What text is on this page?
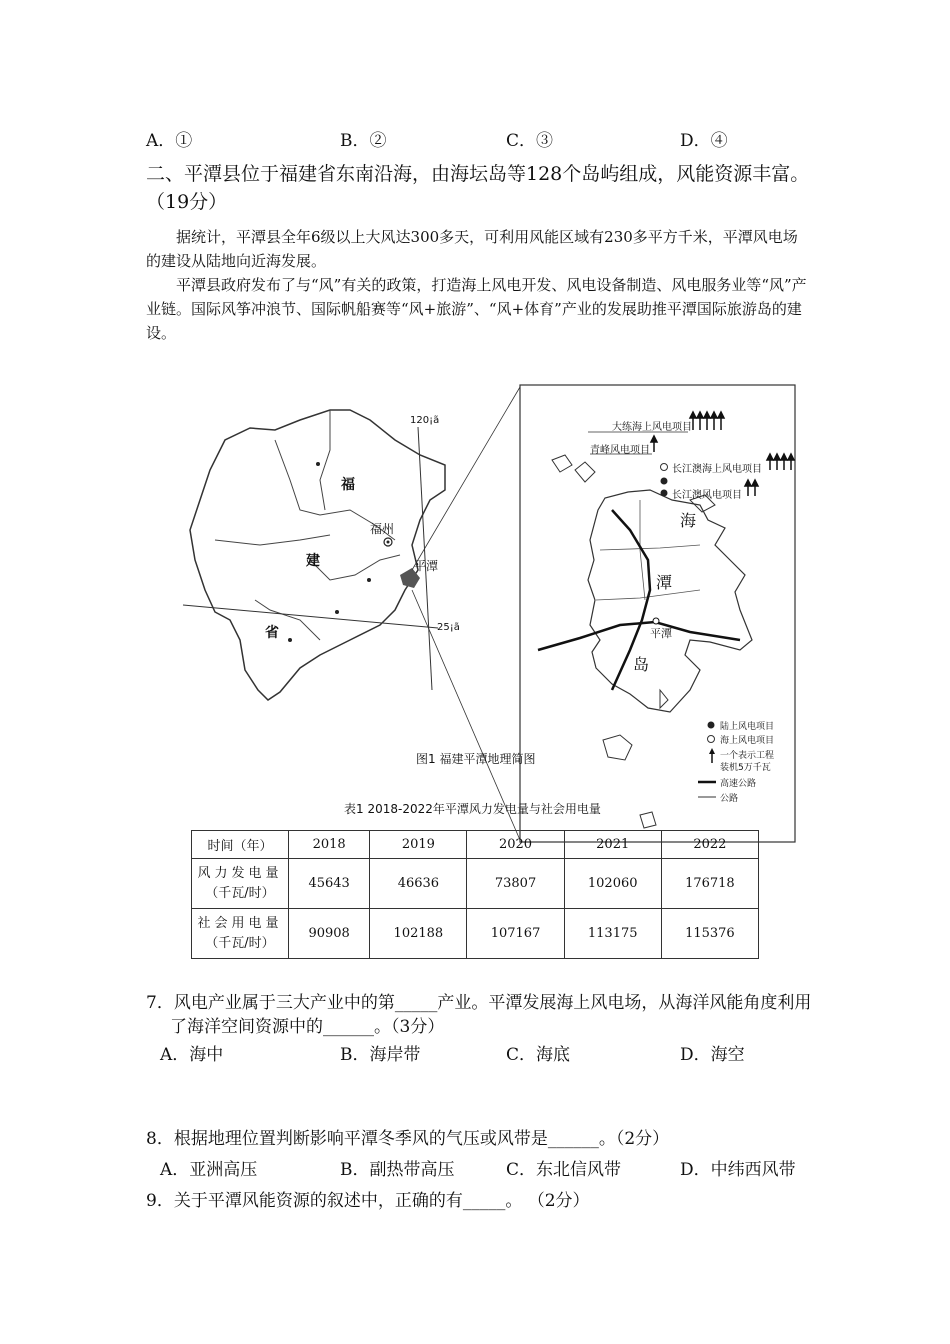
A．①	B．②	C．③	D．④
二、平潭县位于福建省东南沿海，由海坛岛等128个岛屿组成，风能资源丰富。（19分）
据统计，平潭县全年6级以上大风达300多天，可利用风能区域有230多平方千米，平潭风电场的建设从陆地向近海发展。
平潭县政府发布了与“风”有关的政策，打造海上风电开发、风电设备制造、风电服务业等“风”产业链。国际风筝冲浪节、国际帆船赛等“风+旅游”、“风+体育”产业的发展助推平潭国际旅游岛的建设。
120¡ã
25¡ã
福
建
省
福州
平潭
大练海上风电项目
青峰风电项目
长江澳海上风电项目
长江澳风电项目
海
潭
岛
平潭
陆上风电项目
海上风电项目
一个表示工程
装机5万千瓦
高速公路
公路
图1 福建平潭地理简图
表1 2018-2022年平潭风力发电量与社会用电量
时间（年）	2018	2019	2020	2021	2022

风力发电量
（千瓦/时）	45643	46636	73807	102060	176718

社会用电量
（千瓦/时）	90908	102188	107167	113175	115376
7．风电产业属于三大产业中的第_____产业。平潭发展海上风电场，从海洋风能角度利用
了海洋空间资源中的______。（3分）
A．海中	B．海岸带	C．海底	D．海空
8．根据地理位置判断影响平潭冬季风的气压或风带是______。（2分）
A．亚洲高压	B．副热带高压	C．东北信风带	D．中纬西风带
9．关于平潭风能资源的叙述中，正确的有_____。 （2分）
